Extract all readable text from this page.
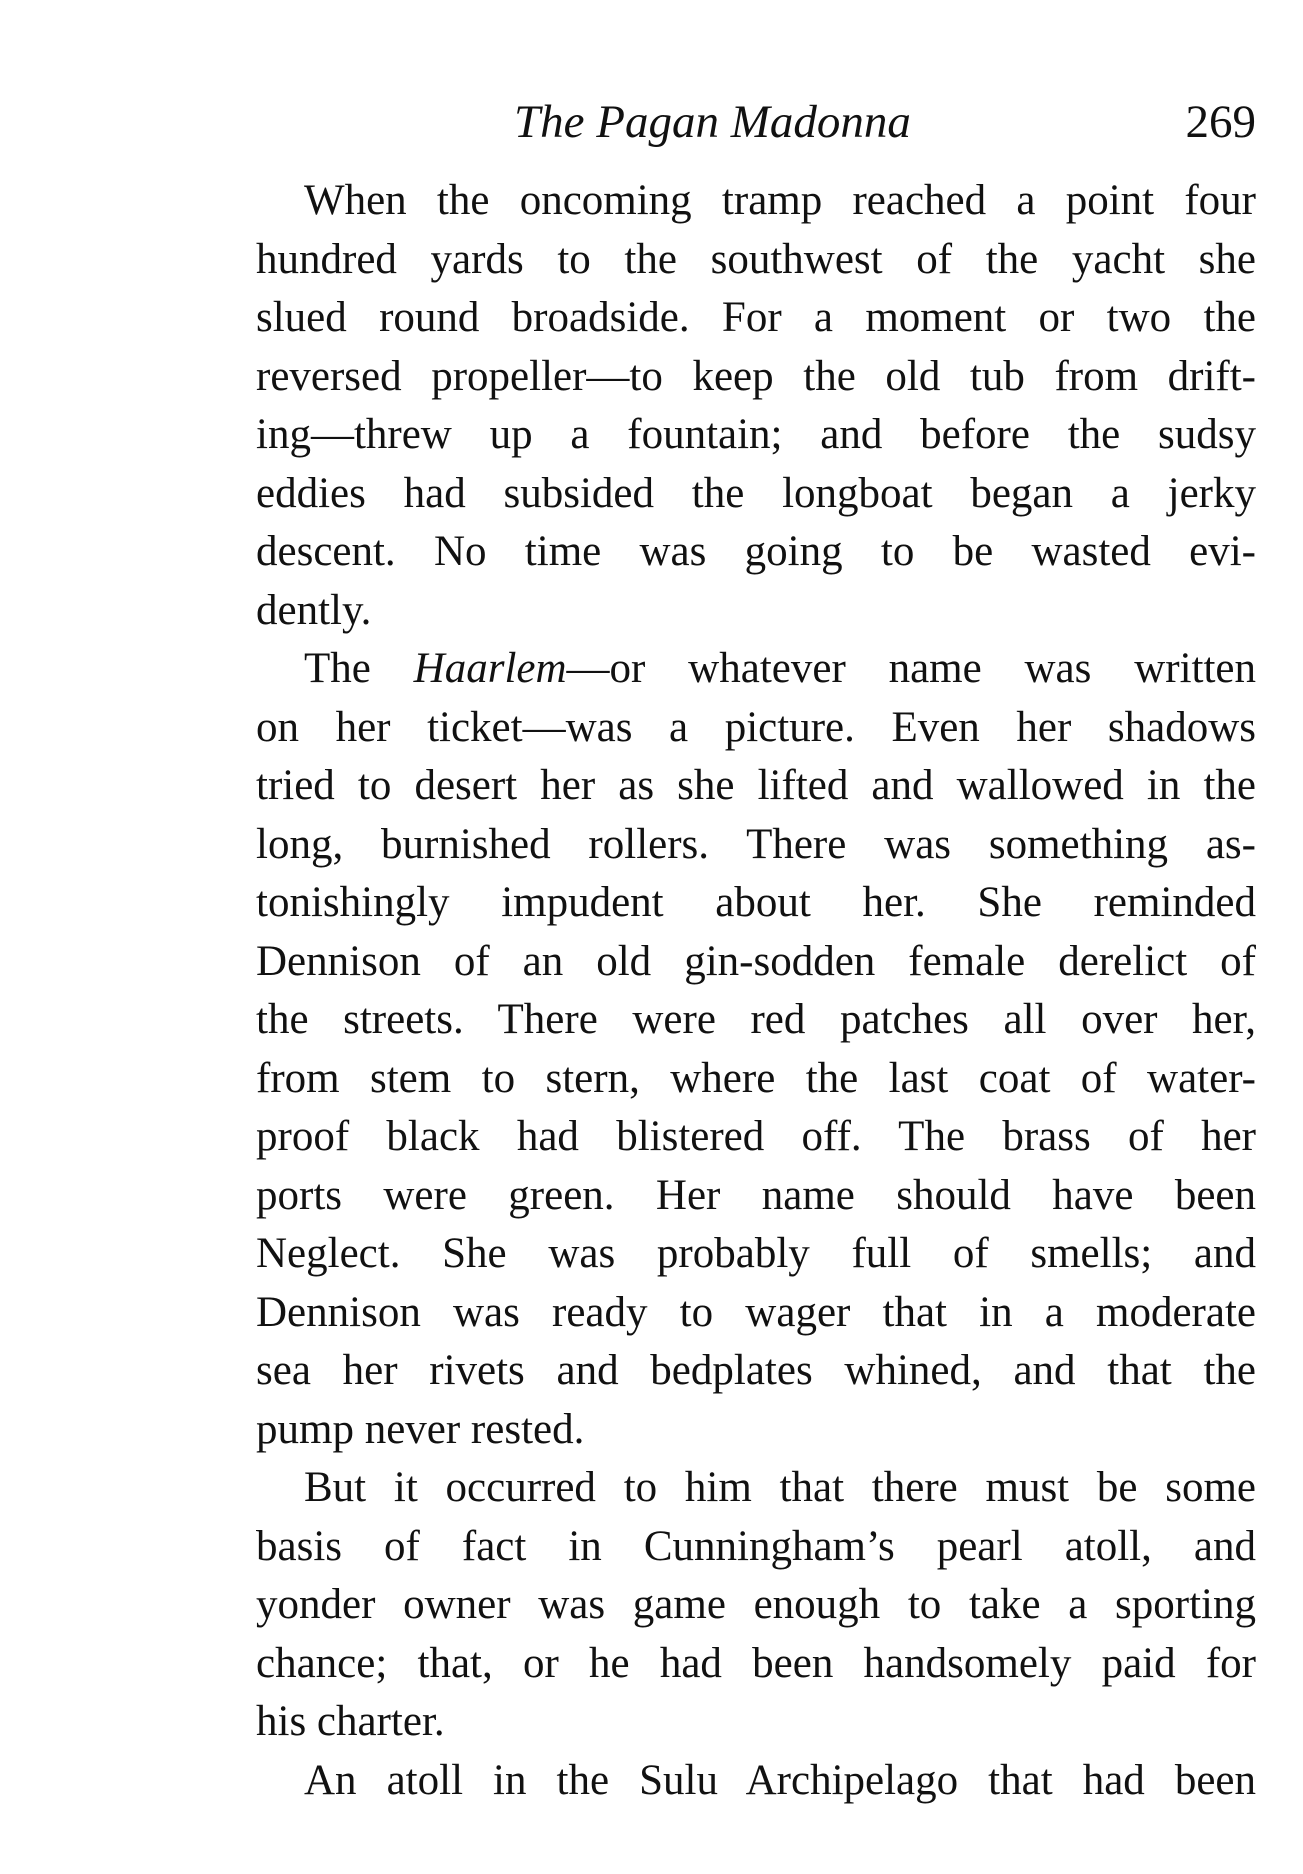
The Pagan Madonna	269
When the oncoming tramp reached a point four
hundred yards to the southwest of the yacht she
slued round broadside. For a moment or two the
reversed propeller—to keep the old tub from drift-
ing—threw up a fountain; and before the sudsy
eddies had subsided the longboat began a jerky
descent. No time was going to be wasted evi-
dently.
The Haarlem—or whatever name was written
on her ticket—was a picture. Even her shadows
tried to desert her as she lifted and wallowed in the
long, burnished rollers. There was something as-
tonishingly impudent about her. She reminded
Dennison of an old gin-sodden female derelict of
the streets. There were red patches all over her,
from stem to stern, where the last coat of water-
proof black had blistered off. The brass of her
ports were green. Her name should have been
Neglect. She was probably full of smells; and
Dennison was ready to wager that in a moderate
sea her rivets and bedplates whined, and that the
pump never rested.
But it occurred to him that there must be some
basis of fact in Cunningham’s pearl atoll, and
yonder owner was game enough to take a sporting
chance; that, or he had been handsomely paid for
his charter.
An atoll in the Sulu Archipelago that had been
